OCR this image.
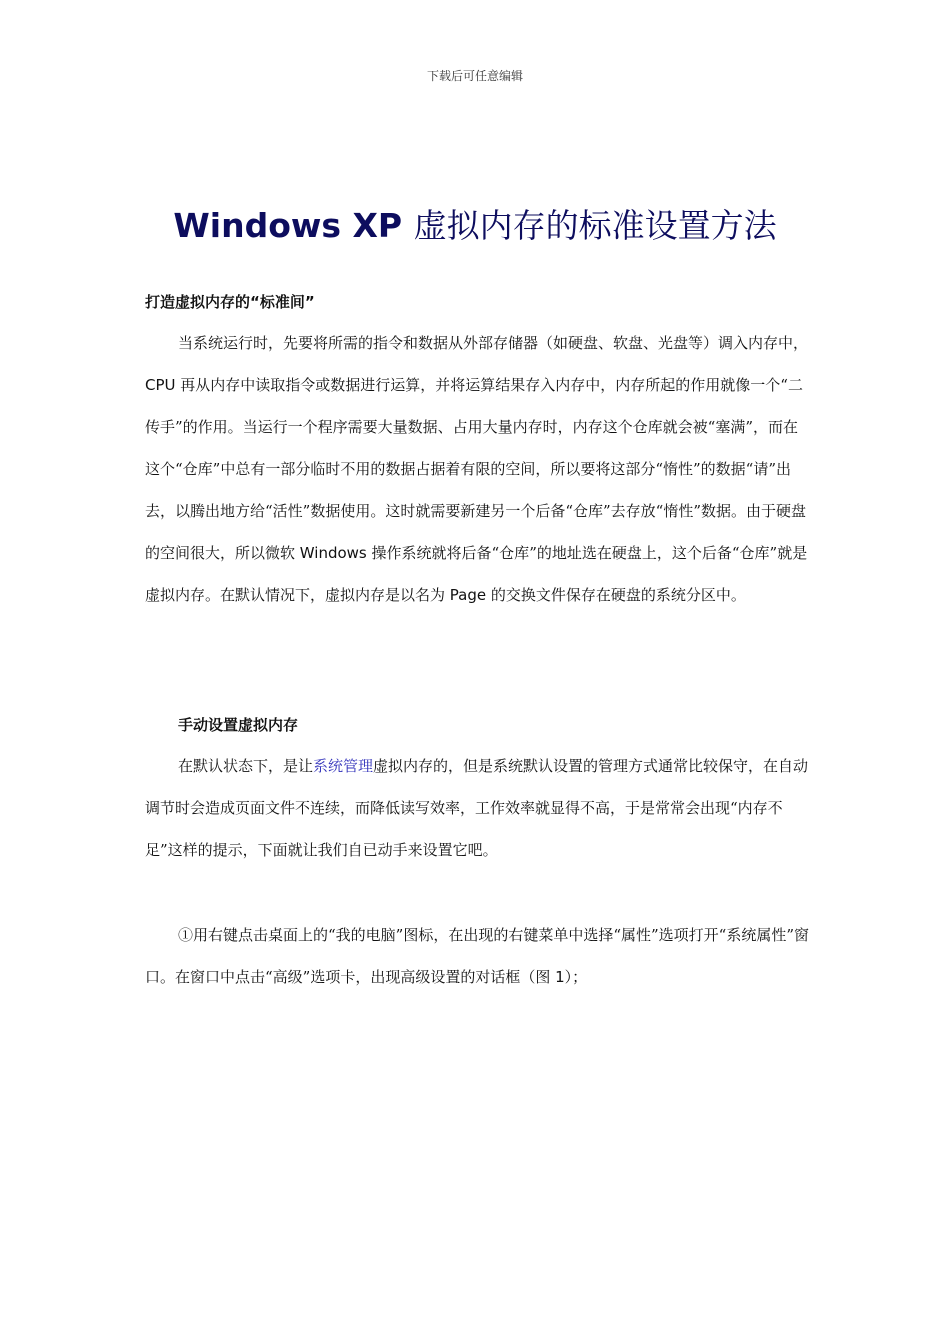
下载后可任意编辑
Windows XP 虚拟内存的标准设置方法
打造虚拟内存的“标准间”

当系统运行时，先要将所需的指令和数据从外部存储器（如硬盘、软盘、光盘等）调入内存中，CPU 再从内存中读取指令或数据进行运算，并将运算结果存入内存中，内存所起的作用就像一个“二传手”的作用。当运行一个程序需要大量数据、占用大量内存时，内存这个仓库就会被“塞满”，而在这个“仓库”中总有一部分临时不用的数据占据着有限的空间，所以要将这部分“惰性”的数据“请”出去，以腾出地方给“活性”数据使用。这时就需要新建另一个后备“仓库”去存放“惰性”数据。由于硬盘的空间很大，所以微软 Windows 操作系统就将后备“仓库”的地址选在硬盘上，这个后备“仓库”就是虚拟内存。在默认情况下，虚拟内存是以名为 Page 的交换文件保存在硬盘的系统分区中。

手动设置虚拟内存

在默认状态下，是让系统管理虚拟内存的，但是系统默认设置的管理方式通常比较保守，在自动调节时会造成页面文件不连续，而降低读写效率，工作效率就显得不高，于是常常会出现“内存不足”这样的提示，下面就让我们自已动手来设置它吧。

①用右键点击桌面上的“我的电脑”图标，在出现的右键菜单中选择“属性”选项打开“系统属性”窗口。在窗口中点击“高级”选项卡，出现高级设置的对话框（图 1）；
